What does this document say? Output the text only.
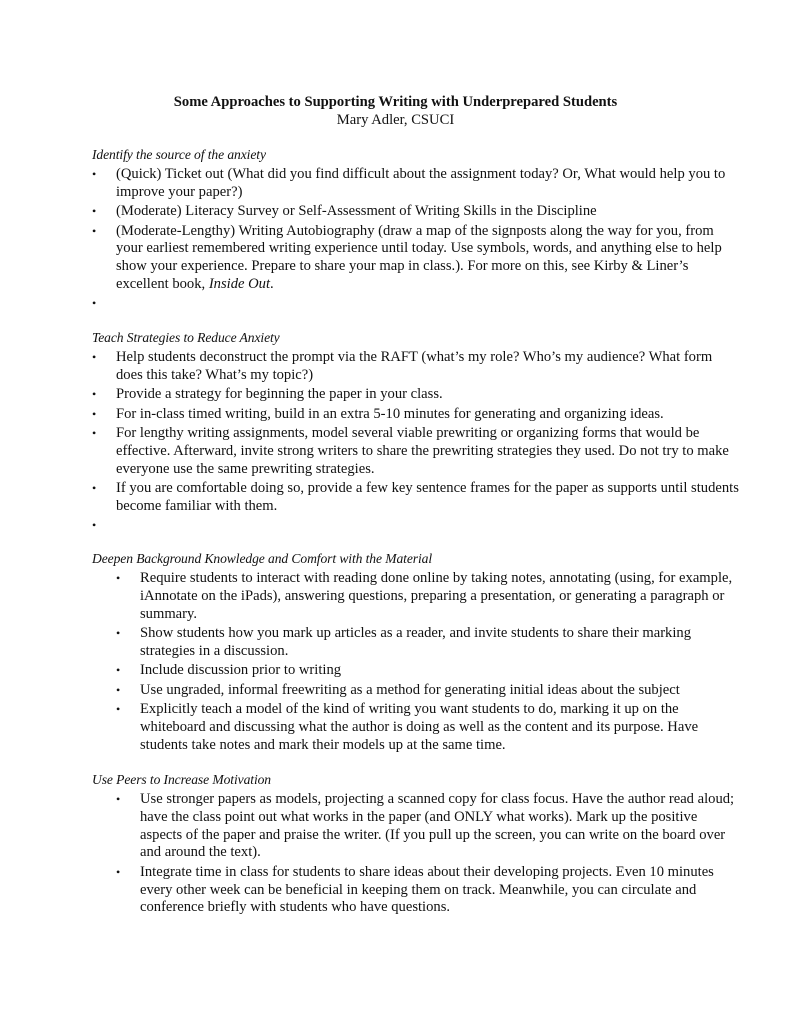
Some Approaches to Supporting Writing with Underprepared Students
Mary Adler, CSUCI
Identify the source of the anxiety
•	(Quick) Ticket out (What did you find difficult about the assignment today? Or, What would help you to improve your paper?)
•	(Moderate) Literacy Survey or Self-Assessment of Writing Skills in the Discipline
•	(Moderate-Lengthy) Writing Autobiography (draw a map of the signposts along the way for you, from your earliest remembered writing experience until today. Use symbols, words, and anything else to help show your experience. Prepare to share your map in class.). For more on this, see Kirby & Liner’s excellent book, Inside Out.
•
Teach Strategies to Reduce Anxiety
•	Help students deconstruct the prompt via the RAFT (what’s my role? Who’s my audience? What form does this take? What’s my topic?)
•	Provide a strategy for beginning the paper in your class.
•	For in-class timed writing, build in an extra 5-10 minutes for generating and organizing ideas.
•	For lengthy writing assignments, model several viable prewriting or organizing forms that would be effective. Afterward, invite strong writers to share the prewriting strategies they used. Do not try to make everyone use the same prewriting strategies.
•	If you are comfortable doing so, provide a few key sentence frames for the paper as supports until students become familiar with them.
•
Deepen Background Knowledge and Comfort with the Material
•	Require students to interact with reading done online by taking notes, annotating (using, for example, iAnnotate on the iPads), answering questions, preparing a presentation, or generating a paragraph or summary.
•	Show students how you mark up articles as a reader, and invite students to share their marking strategies in a discussion.
•	Include discussion prior to writing
•	Use ungraded, informal freewriting as a method for generating initial ideas about the subject
•	Explicitly teach a model of the kind of writing you want students to do, marking it up on the whiteboard and discussing what the author is doing as well as the content and its purpose. Have students take notes and mark their models up at the same time.
Use Peers to Increase Motivation
•	Use stronger papers as models, projecting a scanned copy for class focus. Have the author read aloud; have the class point out what works in the paper (and ONLY what works). Mark up the positive aspects of the paper and praise the writer. (If you pull up the screen, you can write on the board over and around the text).
•	Integrate time in class for students to share ideas about their developing projects. Even 10 minutes every other week can be beneficial in keeping them on track. Meanwhile, you can circulate and conference briefly with students who have questions.
